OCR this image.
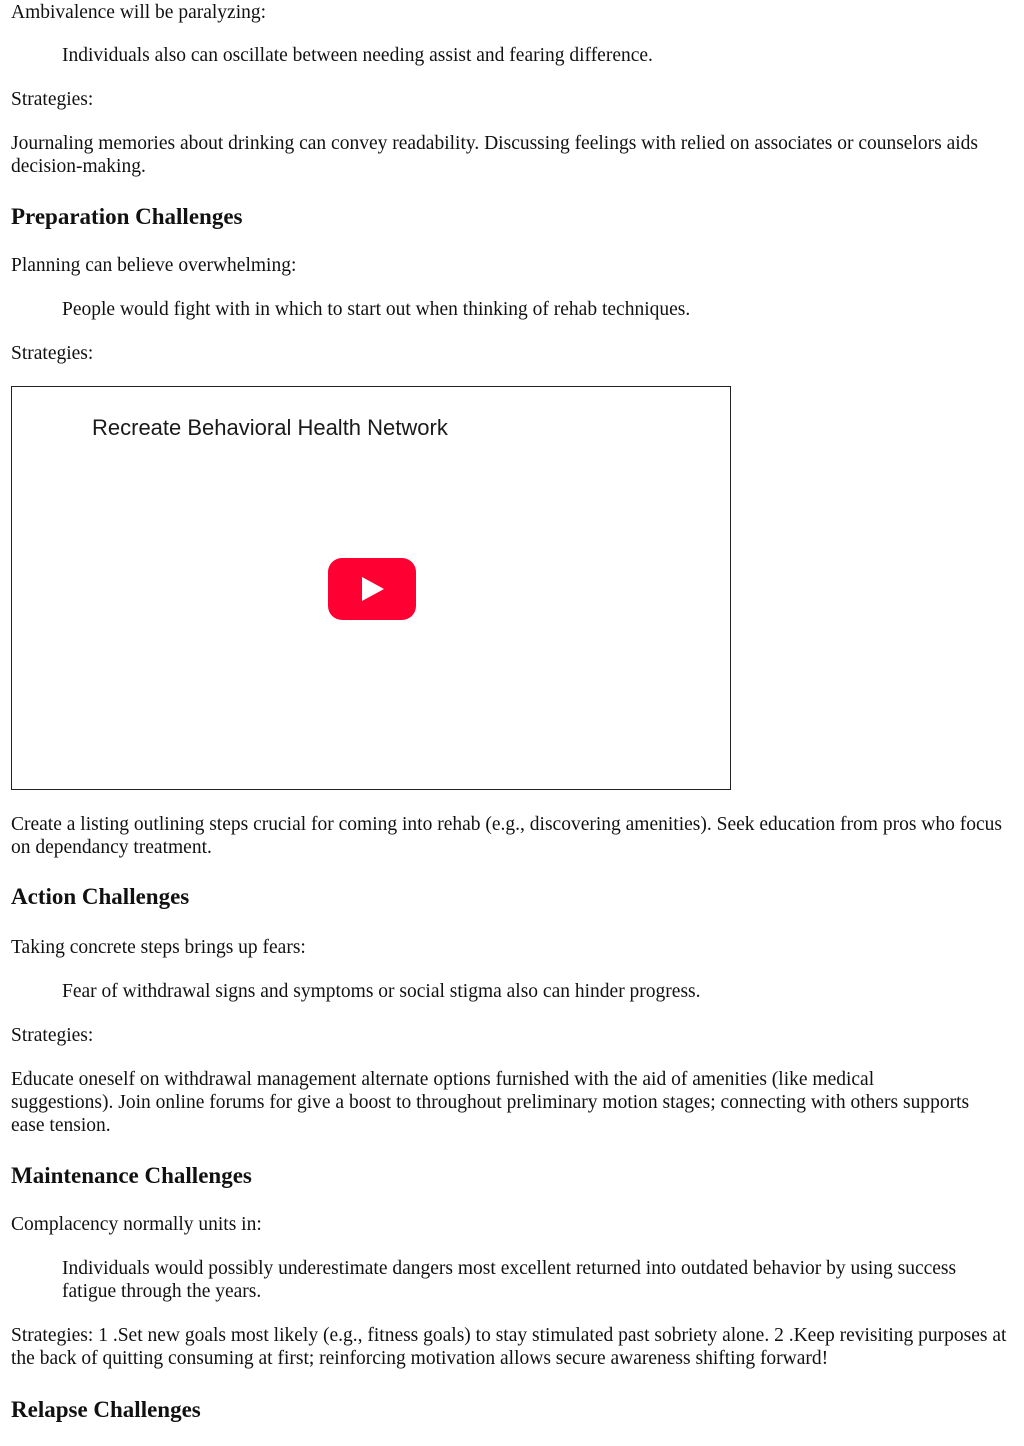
Ambivalence will be paralyzing:

Individuals also can oscillate between needing assist and fearing difference.

Strategies:

Journaling memories about drinking can convey readability. Discussing feelings with relied on associates or counselors aids decision-making.

Preparation Challenges

Planning can believe overwhelming:

People would fight with in which to start out when thinking of rehab techniques.

Strategies:

Recreate Behavioral Health Network

Create a listing outlining steps crucial for coming into rehab (e.g., discovering amenities). Seek education from pros who focus on dependancy treatment.

Action Challenges

Taking concrete steps brings up fears:

Fear of withdrawal signs and symptoms or social stigma also can hinder progress.

Strategies:

Educate oneself on withdrawal management alternate options furnished with the aid of amenities (like medical suggestions). Join online forums for give a boost to throughout preliminary motion stages; connecting with others supports ease tension.

Maintenance Challenges

Complacency normally units in:

Individuals would possibly underestimate dangers most excellent returned into outdated behavior by using success fatigue through the years.

Strategies: 1 .Set new goals most likely (e.g., fitness goals) to stay stimulated past sobriety alone. 2 .Keep revisiting purposes at the back of quitting consuming at first; reinforcing motivation allows secure awareness shifting forward!

Relapse Challenges
